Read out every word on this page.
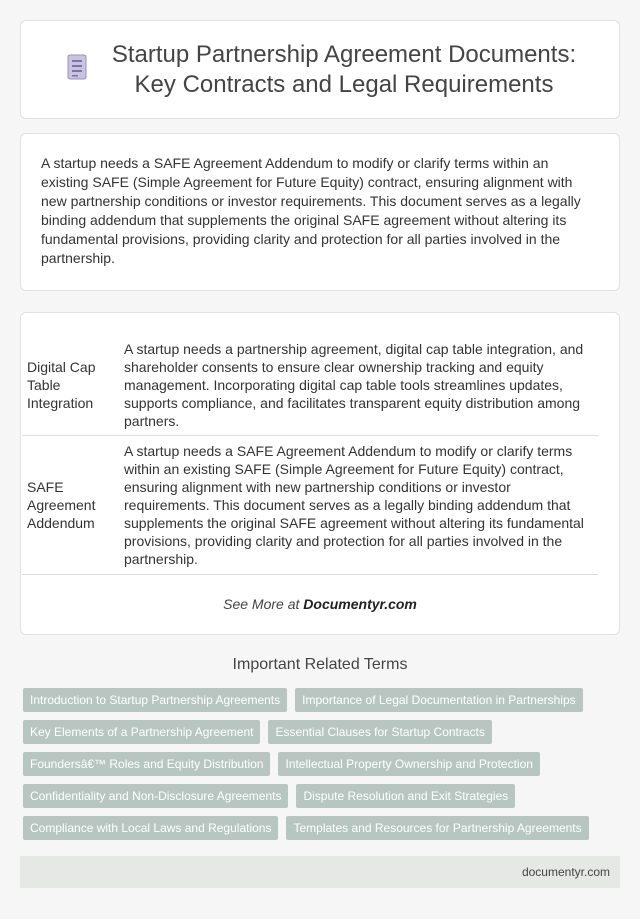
Startup Partnership Agreement Documents:
Key Contracts and Legal Requirements

A startup needs a SAFE Agreement Addendum to modify or clarify terms within an existing SAFE (Simple Agreement for Future Equity) contract, ensuring alignment with new partnership conditions or investor requirements. This document serves as a legally binding addendum that supplements the original SAFE agreement without altering its fundamental provisions, providing clarity and protection for all parties involved in the partnership.

Digital Cap Table Integration	A startup needs a partnership agreement, digital cap table integration, and shareholder consents to ensure clear ownership tracking and equity management. Incorporating digital cap table tools streamlines updates, supports compliance, and facilitates transparent equity distribution among partners.
SAFE Agreement Addendum	A startup needs a SAFE Agreement Addendum to modify or clarify terms within an existing SAFE (Simple Agreement for Future Equity) contract, ensuring alignment with new partnership conditions or investor requirements. This document serves as a legally binding addendum that supplements the original SAFE agreement without altering its fundamental provisions, providing clarity and protection for all parties involved in the partnership.
See More at Documentyr.com
Important Related Terms
Introduction to Startup Partnership Agreements	Importance of Legal Documentation in Partnerships
Key Elements of a Partnership Agreement	Essential Clauses for Startup Contracts
Foundersâ€™ Roles and Equity Distribution	Intellectual Property Ownership and Protection
Confidentiality and Non-Disclosure Agreements	Dispute Resolution and Exit Strategies
Compliance with Local Laws and Regulations	Templates and Resources for Partnership Agreements
documentyr.com
